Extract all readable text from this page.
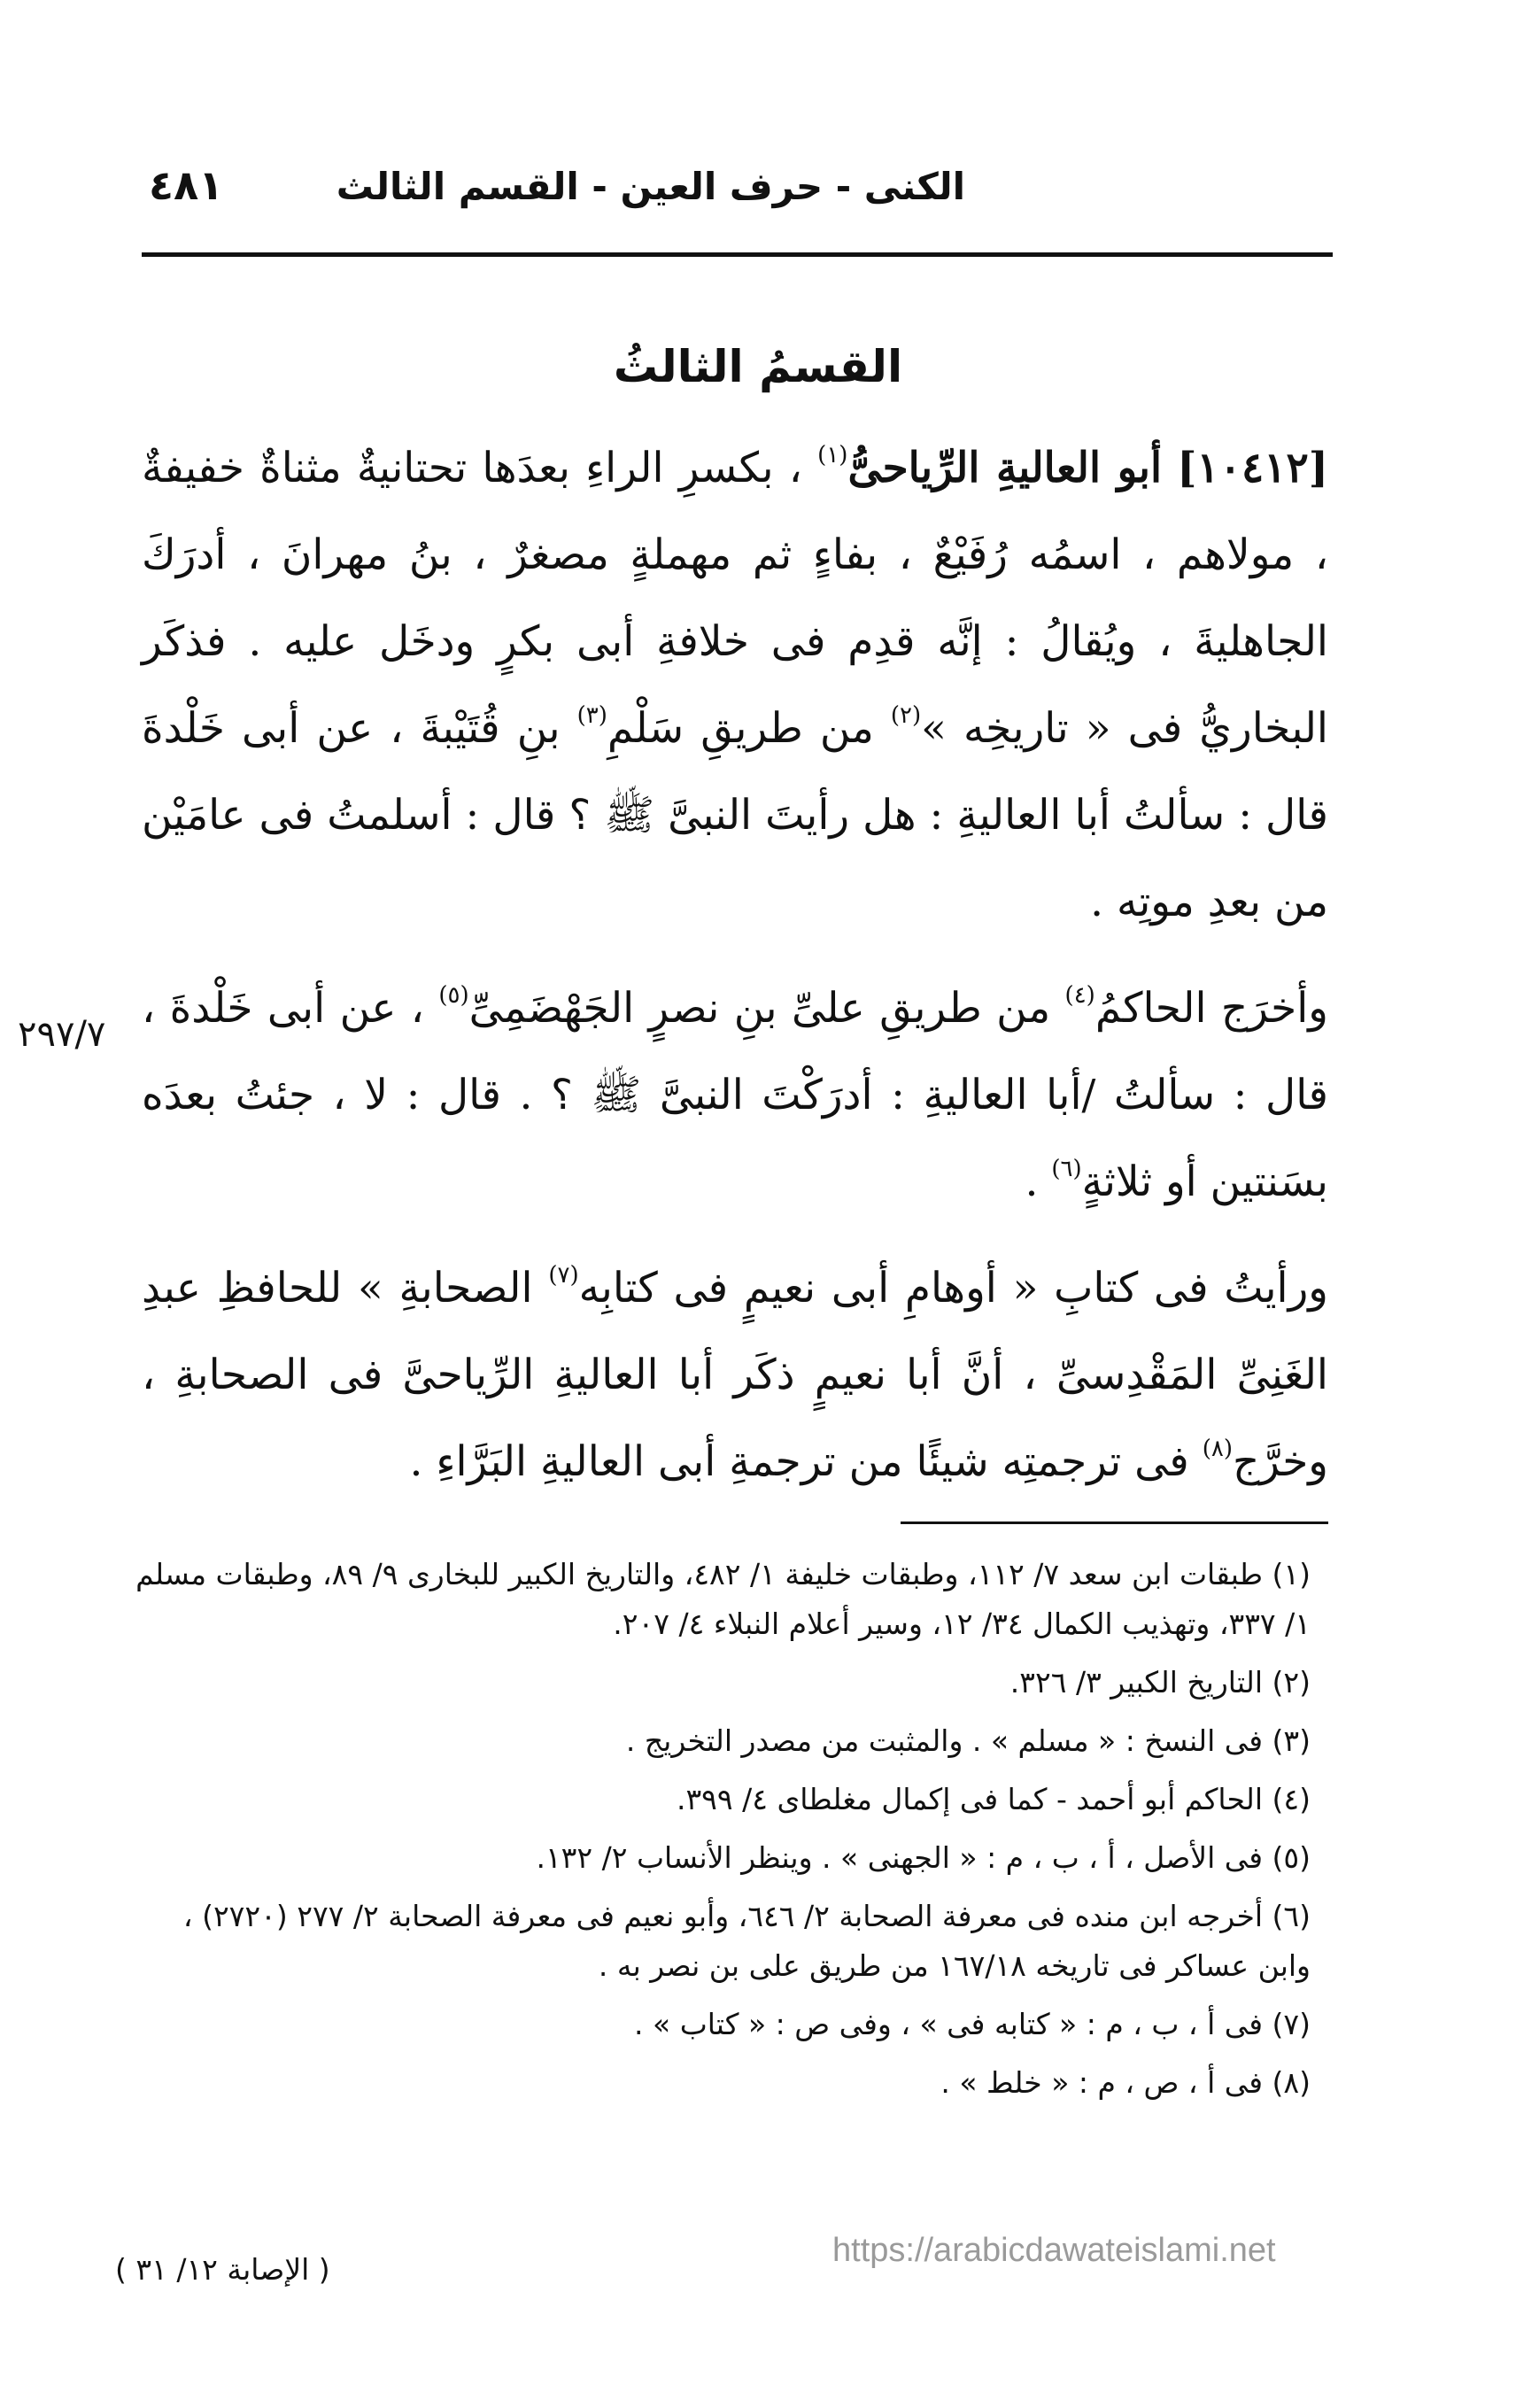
٤٨١	الكنى - حرف العين - القسم الثالث
القسمُ الثالثُ

[١٠٤١٢] أبو العاليةِ الرِّياحىُّ$^{(١)}$ ، بكسرِ الراءِ بعدَها تحتانيةٌ مثناةٌ خفيفةٌ ، مولاهم ، اسمُه رُفَيْعٌ ، بفاءٍ ثم مهملةٍ مصغرٌ ، بنُ مهرانَ ، أدرَكَ الجاهليةَ ، ويُقالُ : إنَّه قدِم فى خلافةِ أبى بكرٍ ودخَل عليه . فذكَر البخاريُّ فى « تاريخِه »$^{(٢)}$ من طريقِ سَلْمِ$^{(٣)}$ بنِ قُتَيْبةَ ، عن أبى خَلْدةَ قال : سألتُ أبا العاليةِ : هل رأيتَ النبىَّ ﷺ ؟ قال : أسلمتُ فى عامَيْن من بعدِ موتِه .

وأخرَج الحاكمُ$^{(٤)}$ من طريقِ علىِّ بنِ نصرٍ الجَهْضَمِىِّ$^{(٥)}$ ، عن أبى خَلْدةَ ، قال : سألتُ /أبا العاليةِ : أدرَكْتَ النبىَّ ﷺ ؟ . قال : لا ، جئتُ بعدَه بسَنتين أو ثلاثةٍ$^{(٦)}$ .

ورأيتُ فى كتابِ « أوهامِ أبى نعيمٍ فى كتابِه$^{(٧)}$ الصحابةِ » للحافظِ عبدِ الغَنِىِّ المَقْدِسىِّ ، أنَّ أبا نعيمٍ ذكَر أبا العاليةِ الرِّياحىَّ فى الصحابةِ ، وخرَّج$^{(٨)}$ فى ترجمتِه شيئًا من ترجمةِ أبى العاليةِ البَرَّاءِ .

٢٩٧/٧

(١) طبقات ابن سعد ٧/ ١١٢، وطبقات خليفة ١/ ٤٨٢، والتاريخ الكبير للبخارى ٩/ ٨٩، وطبقات مسلم ١/ ٣٣٧، وتهذيب الكمال ٣٤/ ١٢، وسير أعلام النبلاء ٤/ ٢٠٧.

(٢) التاريخ الكبير ٣/ ٣٢٦.

(٣) فى النسخ : « مسلم » . والمثبت من مصدر التخريج .

(٤) الحاكم أبو أحمد - كما فى إكمال مغلطاى ٤/ ٣٩٩.

(٥) فى الأصل ، أ ، ب ، م : « الجهنى » . وينظر الأنساب ٢/ ١٣٢.

(٦) أخرجه ابن منده فى معرفة الصحابة ٢/ ٦٤٦، وأبو نعيم فى معرفة الصحابة ٢/ ٢٧٧ (٢٧٢٠) ، وابن عساكر فى تاريخه ١٦٧/١٨ من طريق على بن نصر به .

(٧) فى أ ، ب ، م : « كتابه فى » ، وفى ص : « كتاب » .

(٨) فى أ ، ص ، م : « خلط » .

( الإصابة ١٢/ ٣١ )
https://arabicdawateislami.net
